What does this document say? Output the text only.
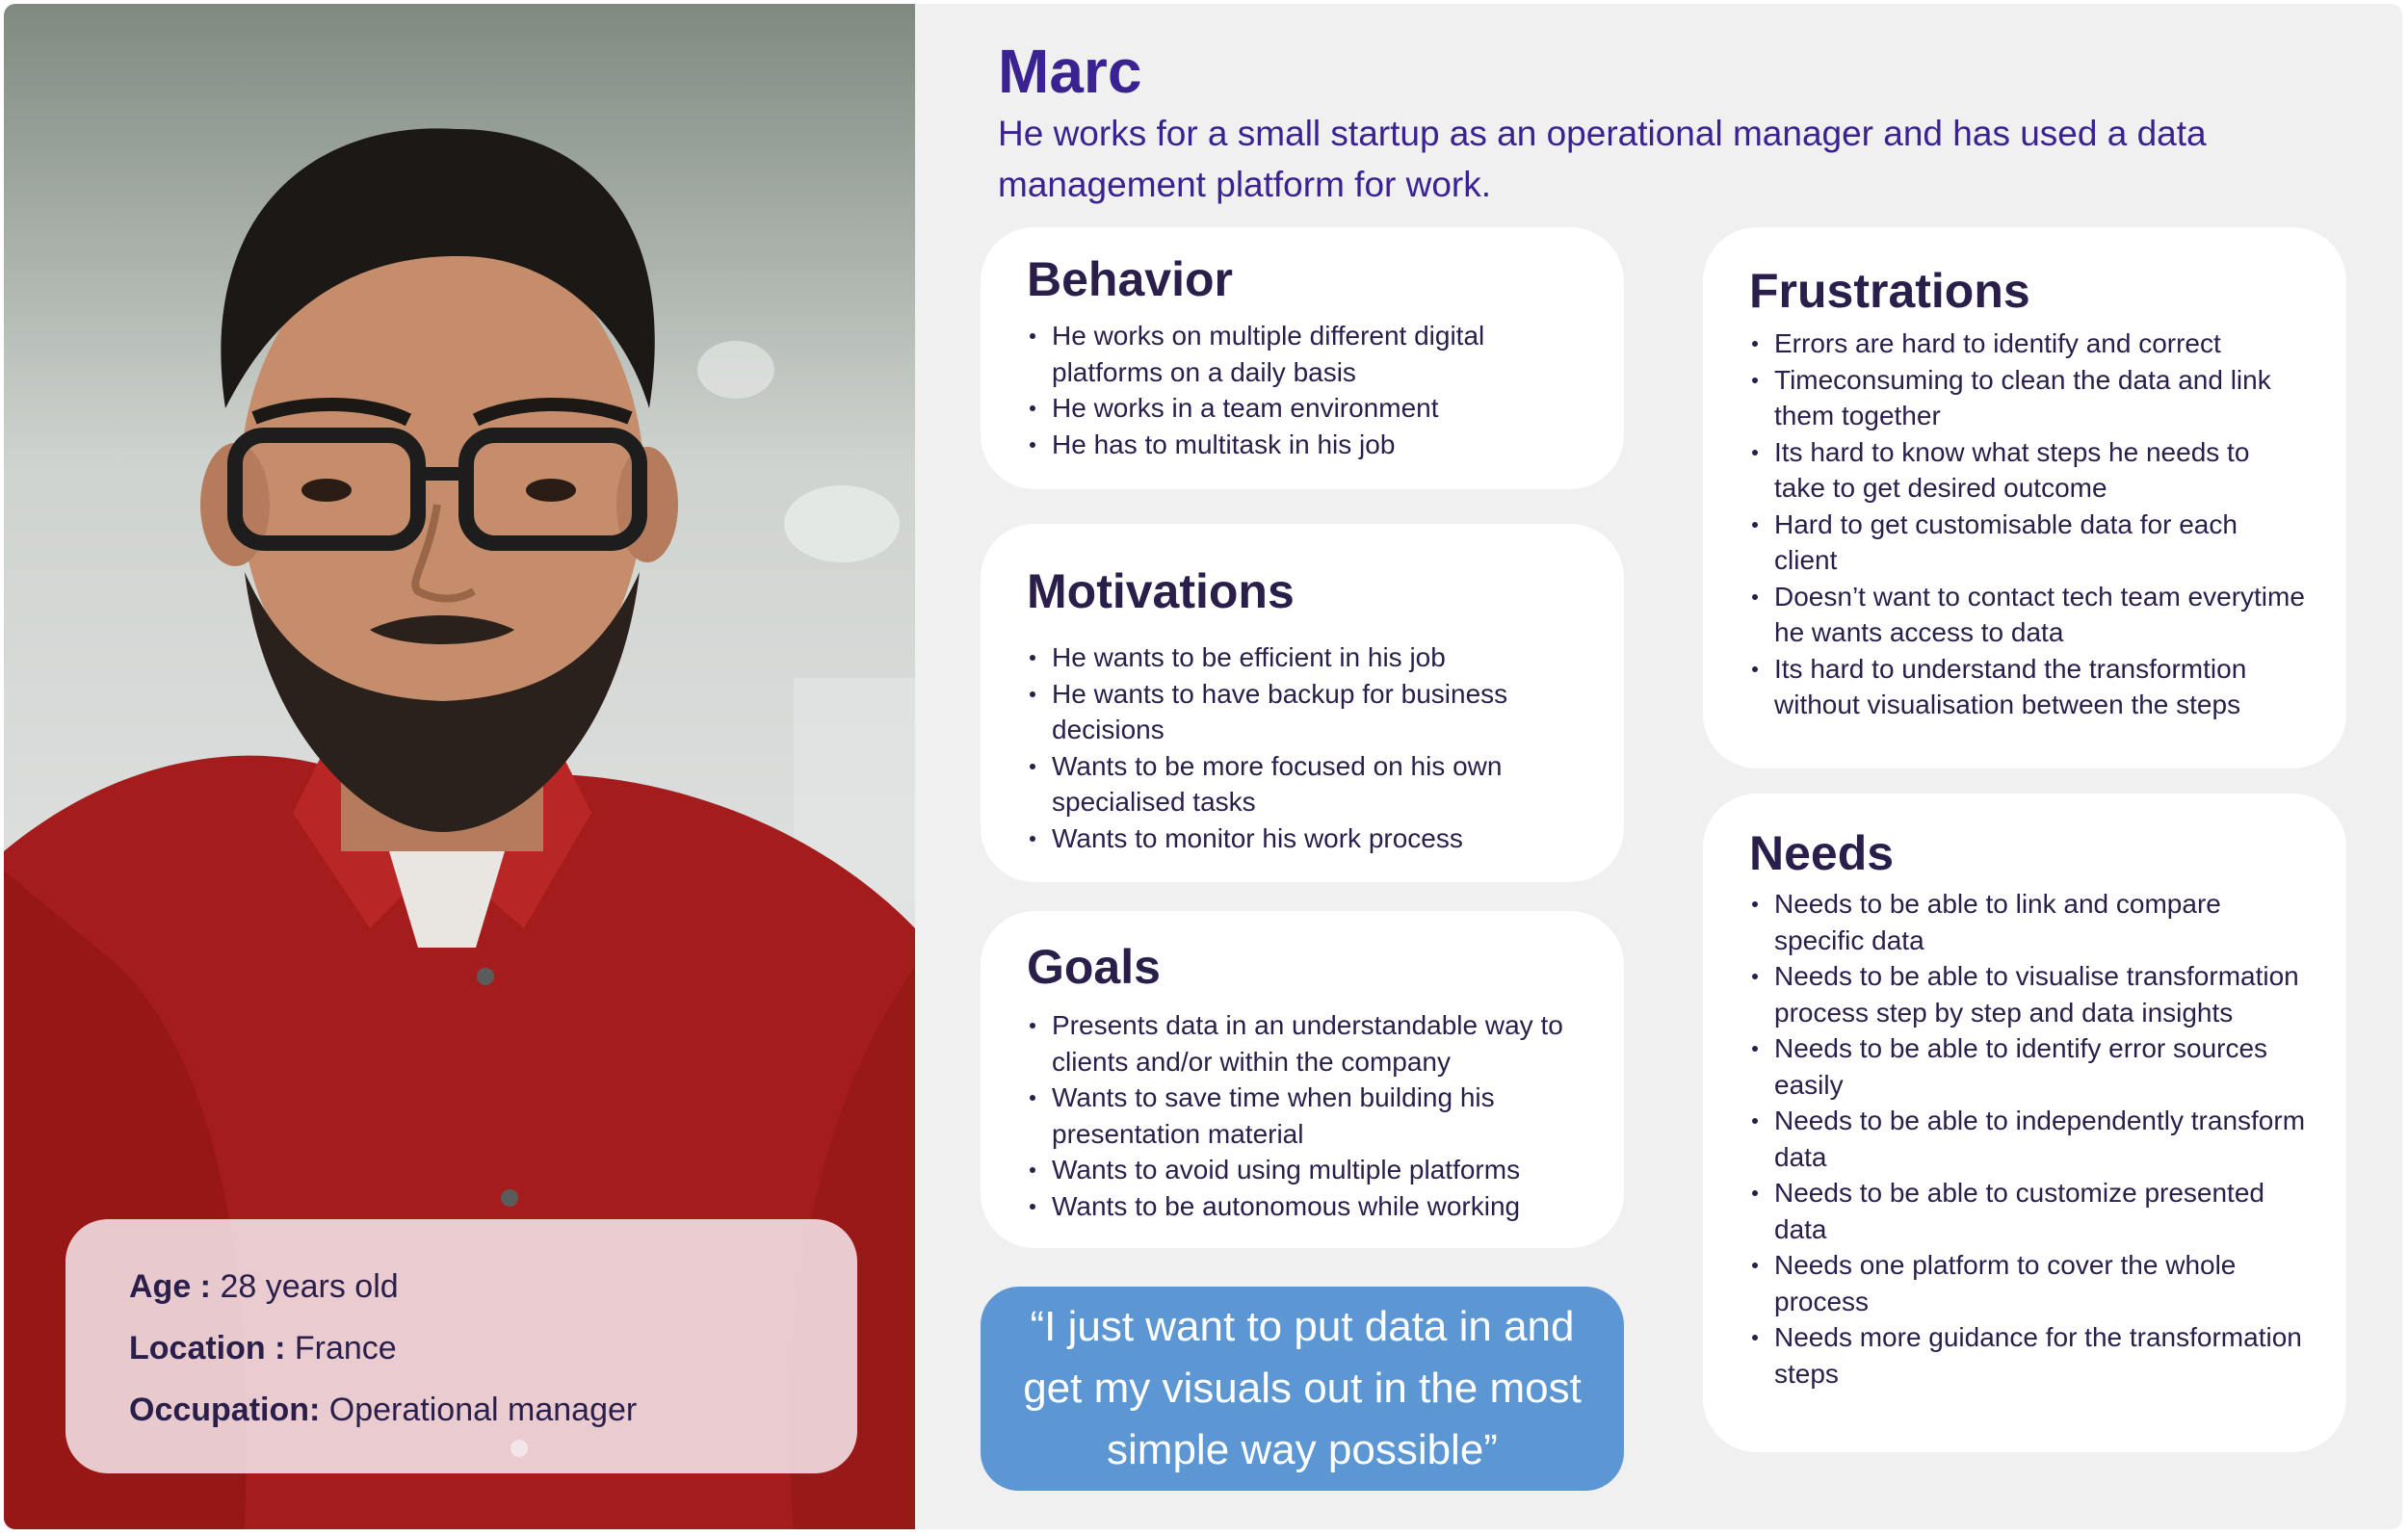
Age : 28 years old
Location : France
Occupation: Operational manager
Marc
He works for a small startup as an operational manager and has used a data management platform for work.
Behavior
He works on multiple different digital platforms on a daily basis
He works in a team environment
He has to multitask in his job
Motivations
He wants to be efficient in his job
He wants to have backup for business decisions
Wants to be more focused on his own specialised tasks
Wants to monitor his work process
Goals
Presents data in an understandable way to clients and/or within the company
Wants to save time when building his presentation material
Wants to avoid using multiple platforms
Wants to be autonomous while working
“I just want to put data in and get my visuals out in the most simple way possible”
Frustrations
Errors are hard to identify and correct
Timeconsuming to clean the data and link them together
Its hard to know what steps he needs to take to get desired outcome
Hard to get customisable data for each client
Doesn’t want to contact tech team everytime he wants access to data
Its hard to understand the transformtion without visualisation between the steps
Needs
Needs to be able to link and compare specific data
Needs to be able to visualise transformation process step by step and data insights
Needs to be able to identify error sources easily
Needs to be able to independently transform data
Needs to be able to customize presented data
Needs one platform to cover the whole process
Needs more guidance for the transformation steps
